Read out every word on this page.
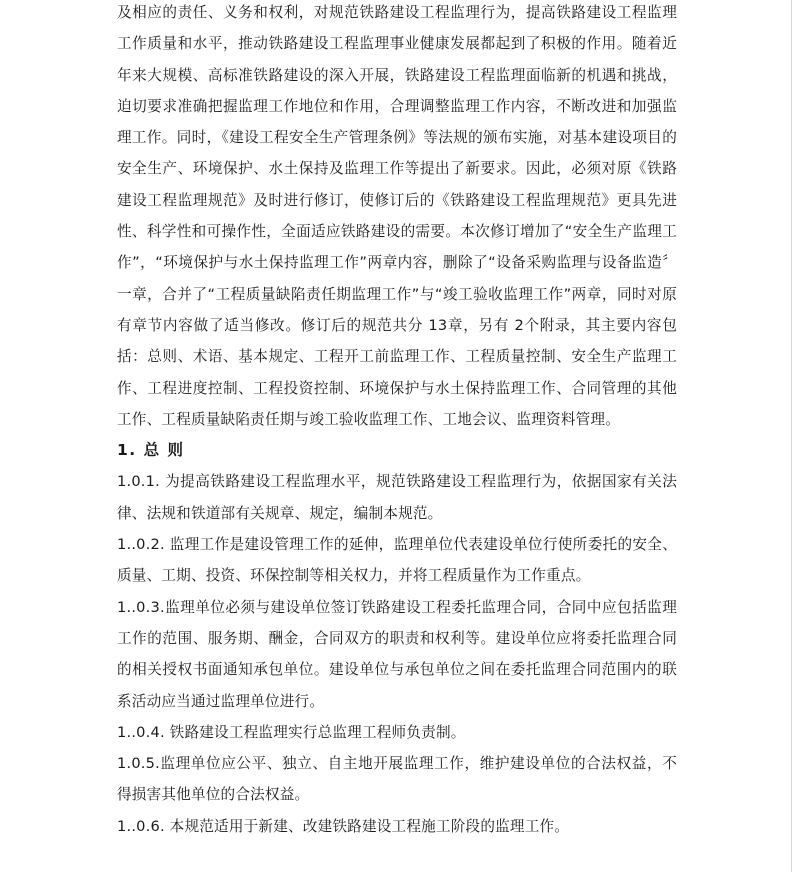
及相应的责任、义务和权利，对规范铁路建设工程监理行为，提高铁路建设工程监理工作质量和水平，推动铁路建设工程监理事业健康发展都起到了积极的作用。随着近年来大规模、高标准铁路建设的深入开展，铁路建设工程监理面临新的机遇和挑战，迫切要求准确把握监理工作地位和作用，合理调整监理工作内容，不断改进和加强监理工作。同时，《建设工程安全生产管理条例》等法规的颁布实施，对基本建设项目的安全生产、环境保护、水土保持及监理工作等提出了新要求。因此，必须对原《铁路建设工程监理规范》及时进行修订，使修订后的《铁路建设工程监理规范》更具先进性、科学性和可操作性，全面适应铁路建设的需要。本次修订增加了“安全生产监理工作”，“环境保护与水土保持监理工作”两章内容，删除了“设备采购监理与设备监造〞一章，合并了“工程质量缺陷责任期监理工作”与“竣工验收监理工作”两章，同时对原有章节内容做了适当修改。修订后的规范共分 13章，另有 2个附录，其主要内容包括：总则、术语、基本规定、工程开工前监理工作、工程质量控制、安全生产监理工作、工程进度控制、工程投资控制、环境保护与水土保持监理工作、合同管理的其他工作、工程质量缺陷责任期与竣工验收监理工作、工地会议、监理资料管理。

1. 总 则

1.0.1. 为提高铁路建设工程监理水平，规范铁路建设工程监理行为，依据国家有关法律、法规和铁道部有关规章、规定，编制本规范。

1..0.2. 监理工作是建设管理工作的延伸，监理单位代表建设单位行使所委托的安全、质量、工期、投资、环保控制等相关权力，并将工程质量作为工作重点。

1..0.3.监理单位必须与建设单位签订铁路建设工程委托监理合同，合同中应包括监理工作的范围、服务期、酬金，合同双方的职责和权利等。建设单位应将委托监理合同的相关授权书面通知承包单位。建设单位与承包单位之间在委托监理合同范围内的联系活动应当通过监理单位进行。

1..0.4. 铁路建设工程监理实行总监理工程师负责制。

1.0.5.监理单位应公平、独立、自主地开展监理工作，维护建设单位的合法权益，不得损害其他单位的合法权益。

1..0.6. 本规范适用于新建、改建铁路建设工程施工阶段的监理工作。
